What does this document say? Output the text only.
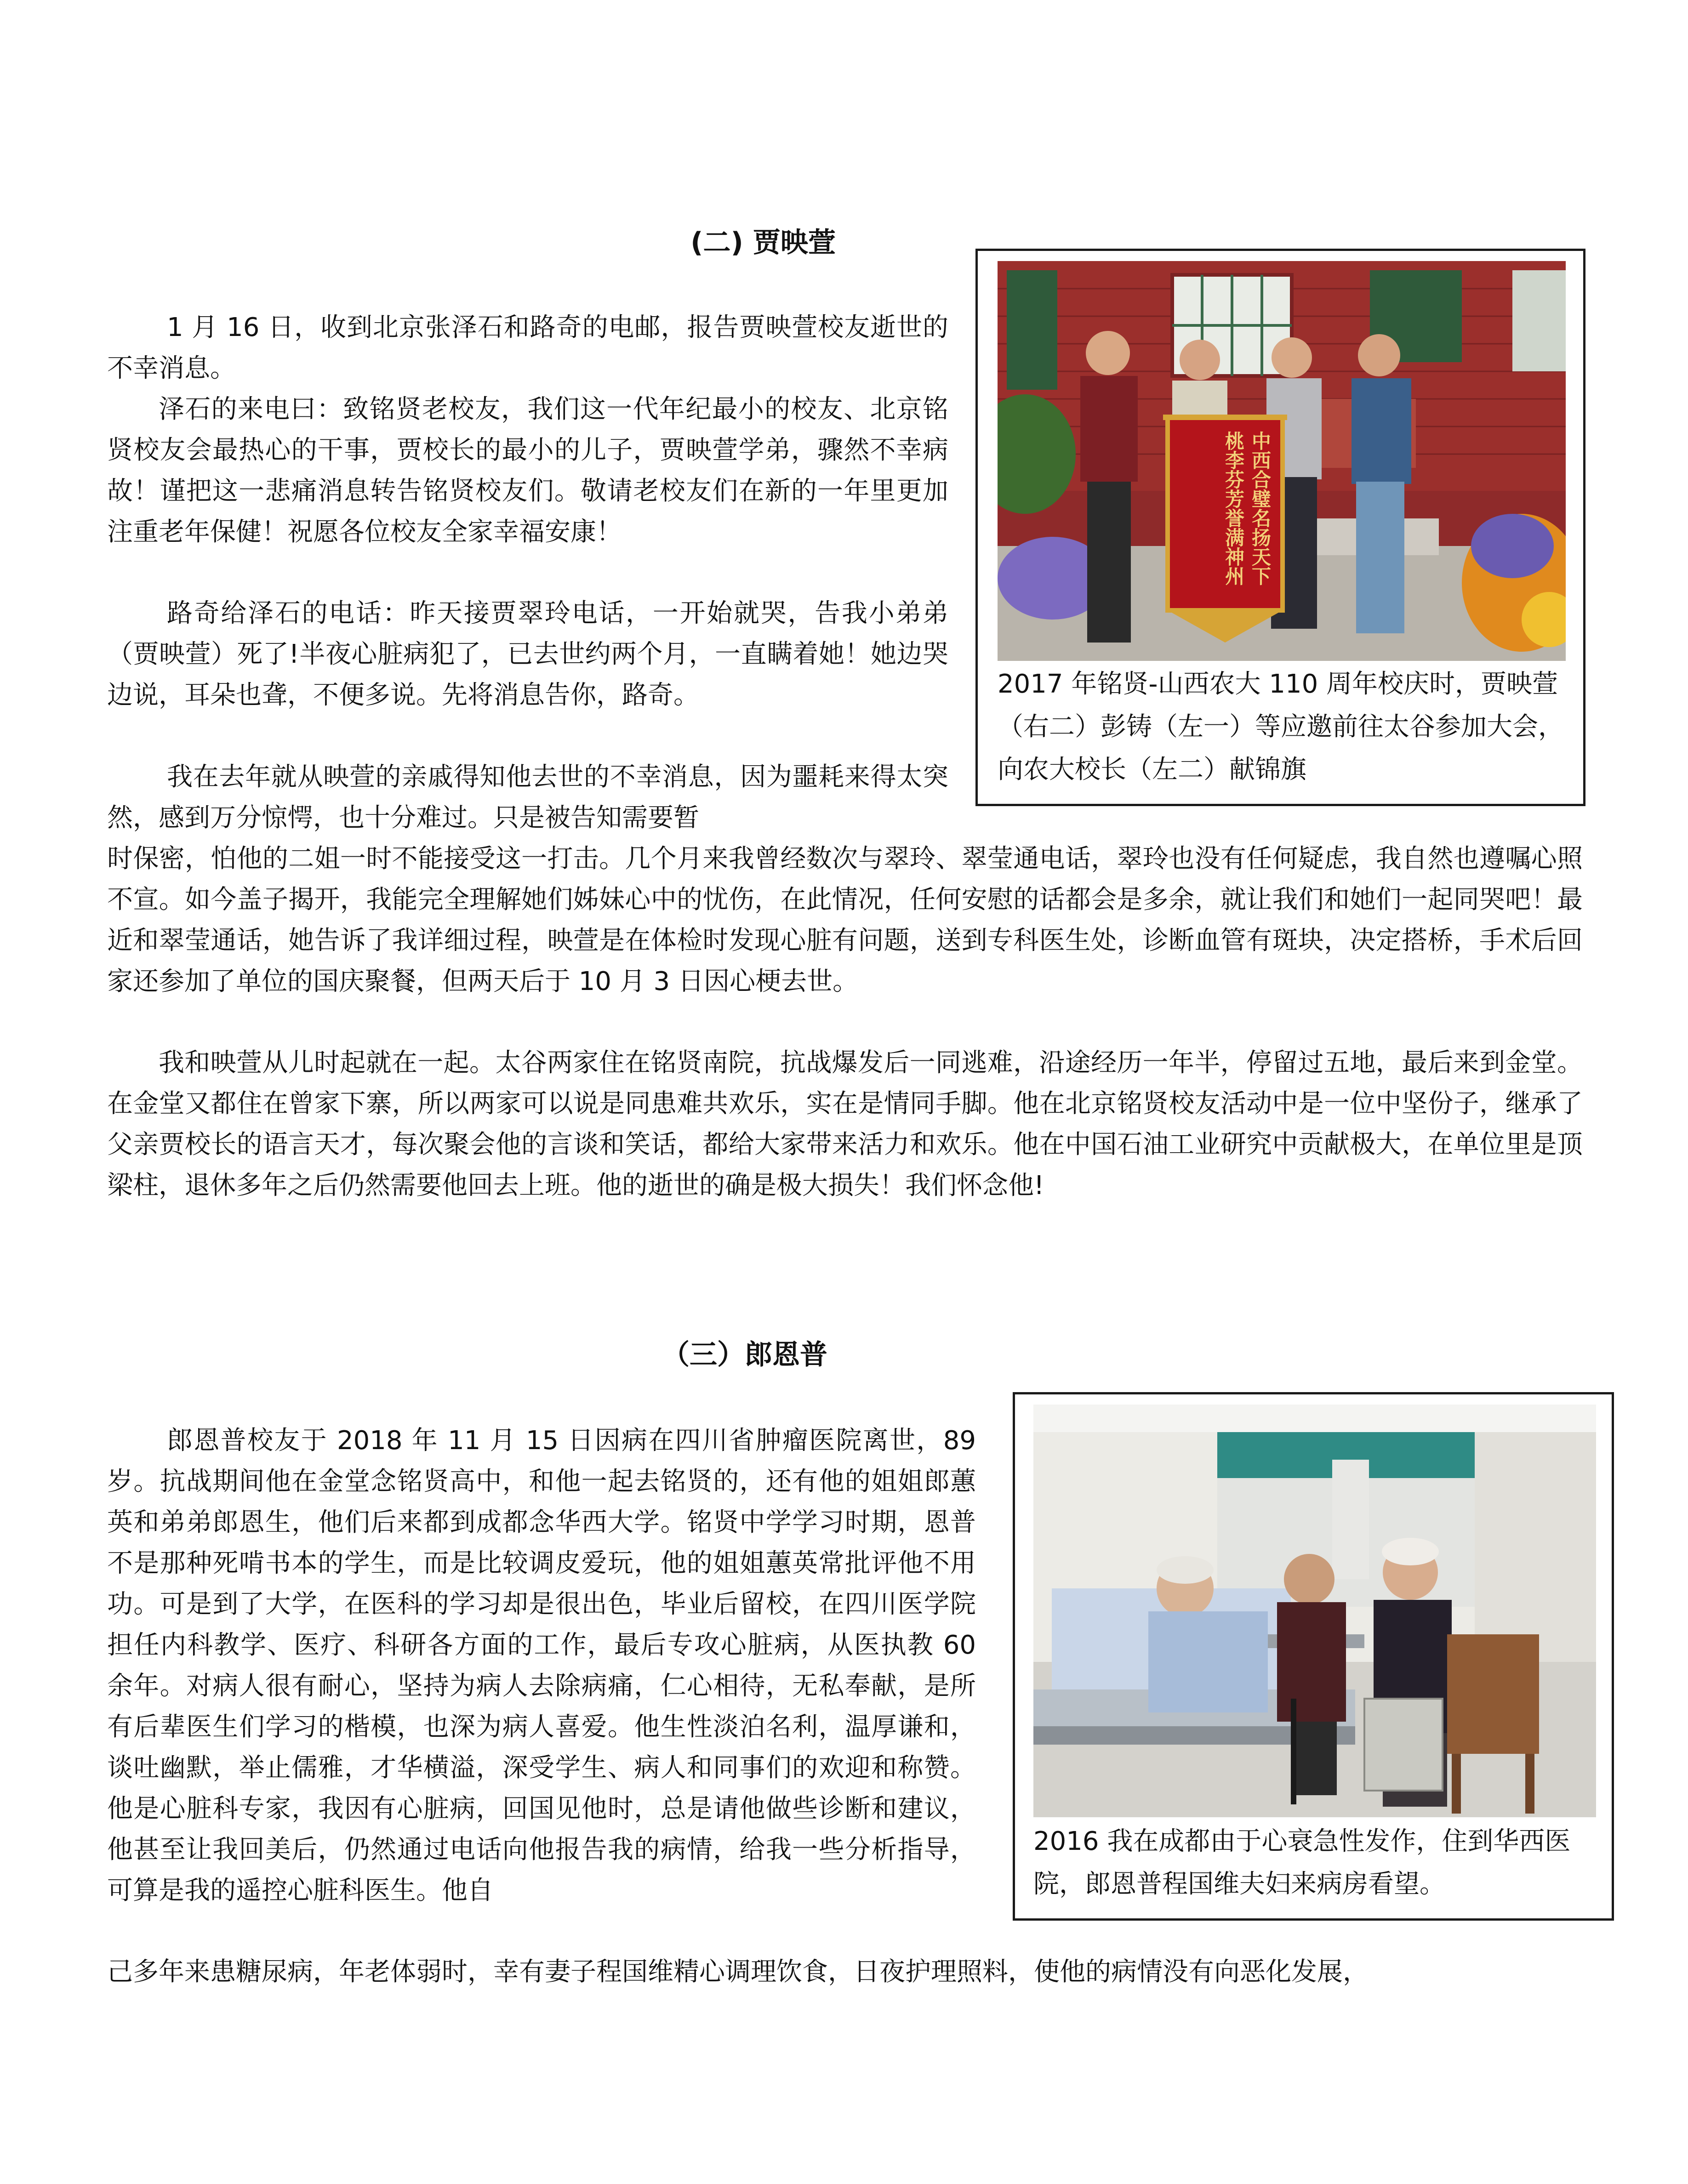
(二) 贾映萱

1 月 16 日，收到北京张泽石和路奇的电邮，报告贾映萱校友逝世的不幸消息。

泽石的来电曰：致铭贤老校友，我们这一代年纪最小的校友、北京铭贤校友会最热心的干事，贾校长的最小的儿子，贾映萱学弟，骤然不幸病故！谨把这一悲痛消息转告铭贤校友们。敬请老校友们在新的一年里更加注重老年保健！祝愿各位校友全家幸福安康！

路奇给泽石的电话：昨天接贾翠玲电话，一开始就哭，告我小弟弟（贾映萱）死了!半夜心脏病犯了，已去世约两个月，一直瞒着她！她边哭边说，耳朵也聋，不便多说。先将消息告你，路奇。

我在去年就从映萱的亲戚得知他去世的不幸消息，因为噩耗来得太突然，感到万分惊愕，也十分难过。只是被告知需要暂

时保密，怕他的二姐一时不能接受这一打击。几个月来我曾经数次与翠玲、翠莹通电话，翠玲也没有任何疑虑，我自然也遵嘱心照不宣。如今盖子揭开，我能完全理解她们姊妹心中的忧伤，在此情况，任何安慰的话都会是多余，就让我们和她们一起同哭吧！最近和翠莹通话，她告诉了我详细过程，映萱是在体检时发现心脏有问题，送到专科医生处，诊断血管有斑块，决定搭桥，手术后回家还参加了单位的国庆聚餐，但两天后于 10 月 3 日因心梗去世。

我和映萱从儿时起就在一起。太谷两家住在铭贤南院，抗战爆发后一同逃难，沿途经历一年半，停留过五地，最后来到金堂。在金堂又都住在曾家下寨，所以两家可以说是同患难共欢乐，实在是情同手脚。他在北京铭贤校友活动中是一位中坚份子，继承了父亲贾校长的语言天才，每次聚会他的言谈和笑话，都给大家带来活力和欢乐。他在中国石油工业研究中贡献极大，在单位里是顶梁柱，退休多年之后仍然需要他回去上班。他的逝世的确是极大损失！我们怀念他!

中西合璧名扬天下 桃李芬芳誉满神州

2017 年铭贤-山西农大 110 周年校庆时，贾映萱（右二）彭铸（左一）等应邀前往太谷参加大会，向农大校长（左二）献锦旗

（三）郎恩普

郎恩普校友于 2018 年 11 月 15 日因病在四川省肿瘤医院离世，89 岁。抗战期间他在金堂念铭贤高中，和他一起去铭贤的，还有他的姐姐郎蕙英和弟弟郎恩生，他们后来都到成都念华西大学。铭贤中学学习时期，恩普不是那种死啃书本的学生，而是比较调皮爱玩，他的姐姐蕙英常批评他不用功。可是到了大学，在医科的学习却是很出色，毕业后留校，在四川医学院担任内科教学、医疗、科研各方面的工作，最后专攻心脏病，从医执教 60 余年。对病人很有耐心，坚持为病人去除病痛，仁心相待，无私奉献，是所有后辈医生们学习的楷模，也深为病人喜爱。他生性淡泊名利，温厚谦和，谈吐幽默，举止儒雅，才华横溢，深受学生、病人和同事们的欢迎和称赞。他是心脏科专家，我因有心脏病，回国见他时，总是请他做些诊断和建议，他甚至让我回美后，仍然通过电话向他报告我的病情，给我一些分析指导，可算是我的遥控心脏科医生。他自

己多年来患糖尿病，年老体弱时，幸有妻子程国维精心调理饮食，日夜护理照料，使他的病情没有向恶化发展，

2016 我在成都由于心衰急性发作，住到华西医院，郎恩普程国维夫妇来病房看望。
